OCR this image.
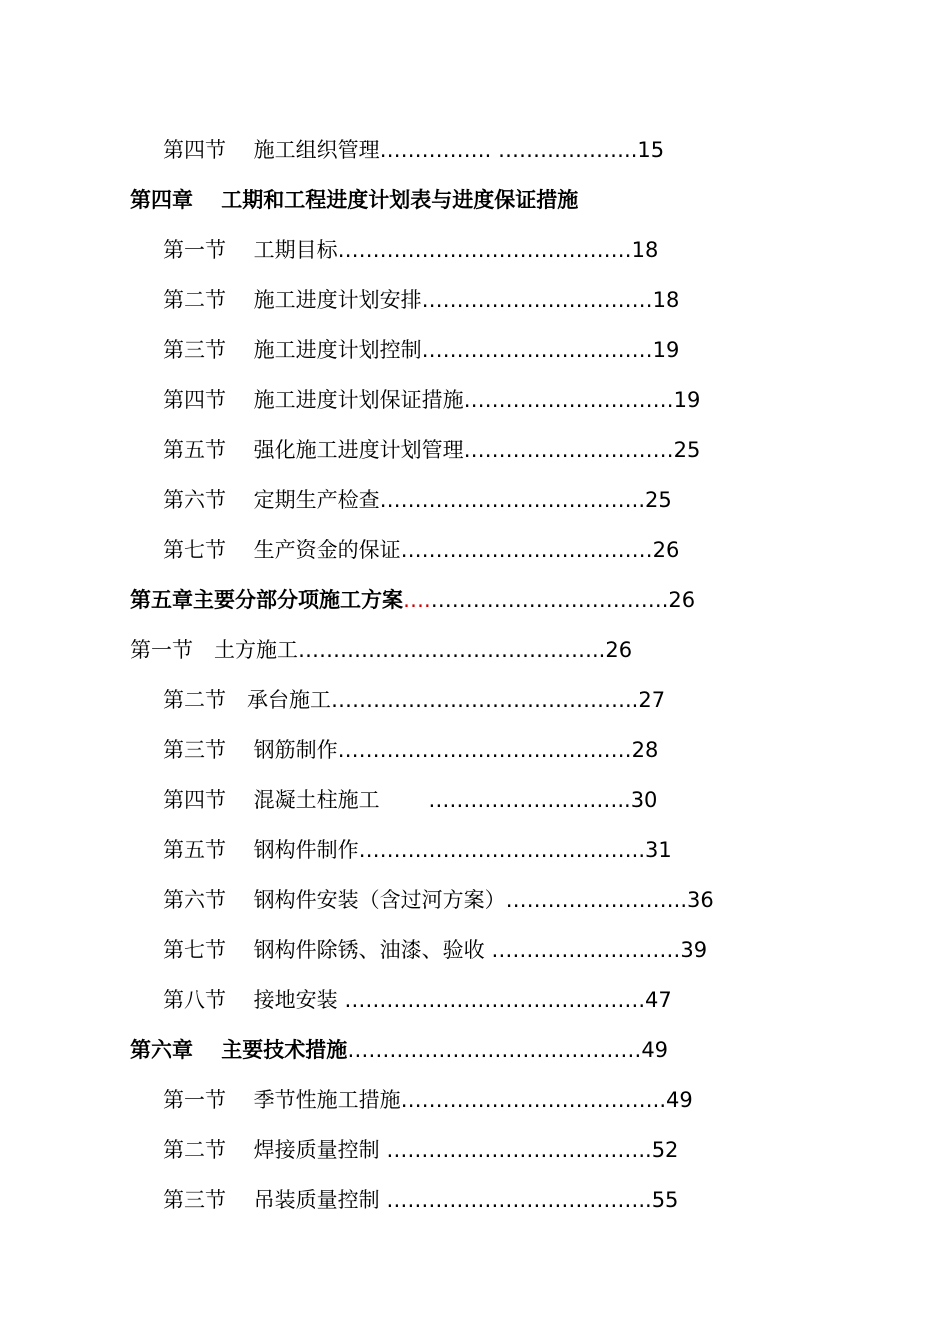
第四节　 施工组织管理……………. ………………..15
第四章　 工期和工程进度计划表与进度保证措施
第一节　 工期目标……………………………………18
第二节　 施工进度计划安排……………………………18
第三节　 施工进度计划控制……………………………19
第四节　 施工进度计划保证措施…………………………19
第五节　 强化施工进度计划管理…………………………25
第六节　 定期生产检查………………………………..25
第七节　 生产资金的保证………………………………26
第五章主要分部分项施工方案….…………………………….26
第一节　土方施工……………………………………..26
第二节　承台施工……………………………………..27
第三节　 钢筋制作……………………………………28
第四节　 混凝土柱施工　　 ………………………..30
第五节　 钢构件制作…………………………………..31
第六节　 钢构件安装（含过河方案）……………………..36
第七节　 钢构件除锈、油漆、验收 ………………………39
第八节　 接地安装 …………………………………….47
第六章　 主要技术措施……………………………………49
第一节　 季节性施工措施………………………………..49
第二节　 焊接质量控制 ………………………………..52
第三节　 吊装质量控制 ………………………………..55
